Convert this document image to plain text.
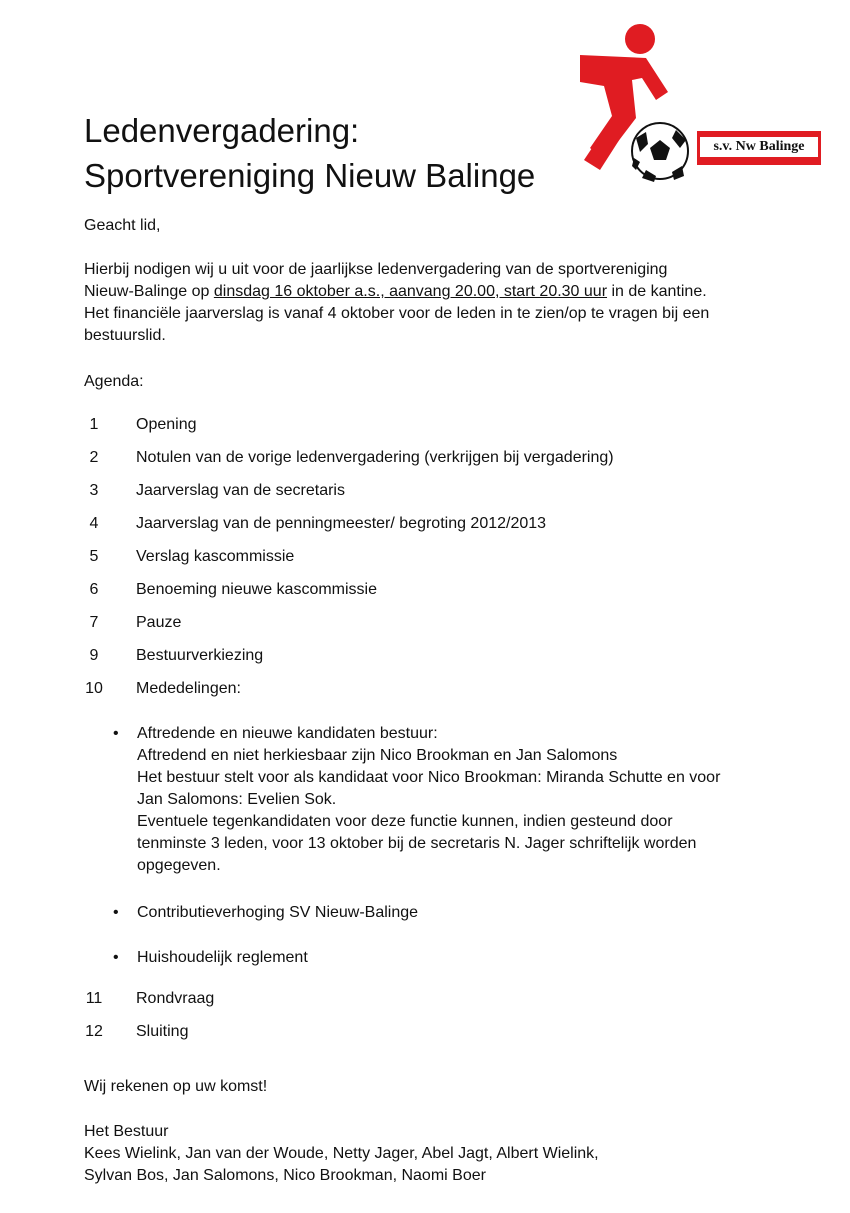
Ledenvergadering:
Sportvereniging Nieuw Balinge
s.v. Nw Balinge
Geacht lid,
Hierbij nodigen wij u uit voor de jaarlijkse ledenvergadering van de sportvereniging
Nieuw-Balinge op dinsdag 16 oktober a.s., aanvang 20.00, start 20.30 uur in de kantine.
Het financiële jaarverslag is vanaf 4 oktober voor de leden in te zien/op te vragen bij een
bestuurslid.
Agenda:
1	Opening
2	Notulen van de vorige ledenvergadering (verkrijgen bij vergadering)
3	Jaarverslag van de secretaris
4	Jaarverslag van de penningmeester/ begroting 2012/2013
5	Verslag kascommissie
6	Benoeming nieuwe kascommissie
7	Pauze
9	Bestuurverkiezing
10 Mededelingen:
• Aftredende en nieuwe kandidaten bestuur:
Aftredend en niet herkiesbaar zijn Nico Brookman en Jan Salomons
Het bestuur stelt voor als kandidaat voor Nico Brookman: Miranda Schutte en voor
Jan Salomons: Evelien Sok.
Eventuele tegenkandidaten voor deze functie kunnen, indien gesteund door
tenminste 3 leden, voor 13 oktober bij de secretaris N. Jager schriftelijk worden
opgegeven.
• Contributieverhoging SV Nieuw-Balinge
• Huishoudelijk reglement
11 Rondvraag
12 Sluiting
Wij rekenen op uw komst!
Het Bestuur
Kees Wielink, Jan van der Woude, Netty Jager, Abel Jagt, Albert Wielink,
Sylvan Bos, Jan Salomons, Nico Brookman, Naomi Boer
